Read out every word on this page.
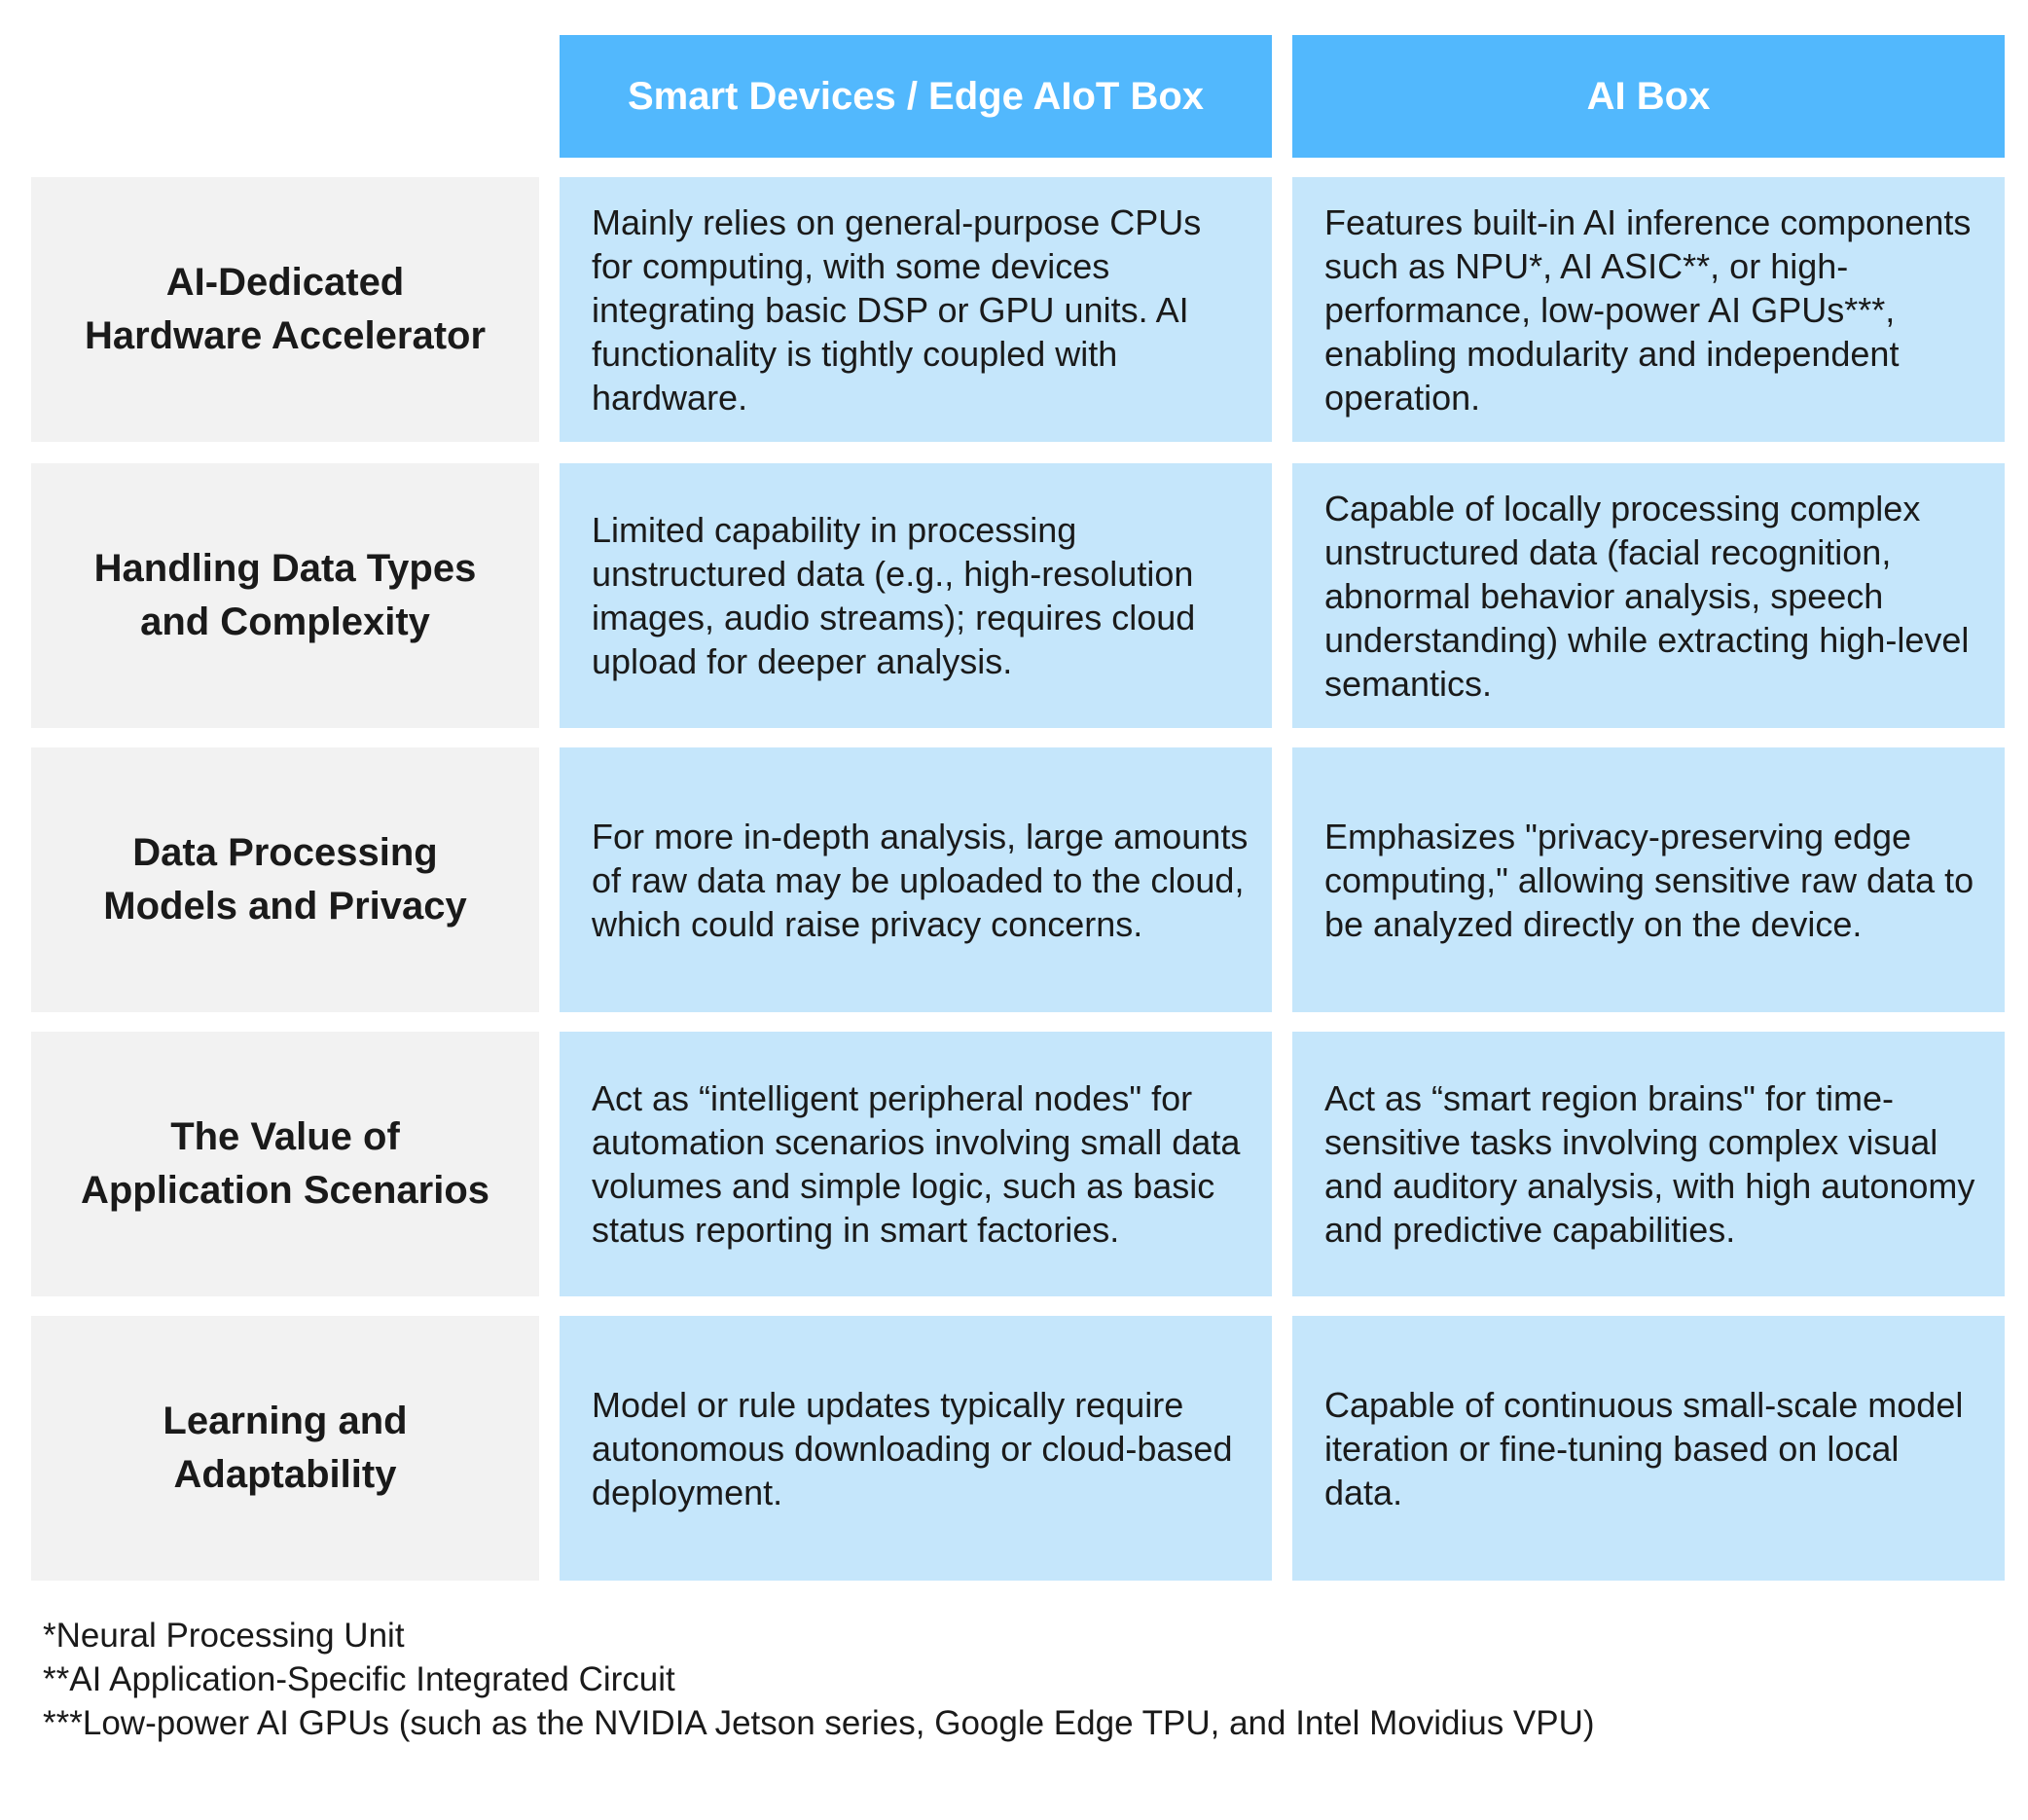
Smart Devices / Edge AIoT Box	AI Box
AI-Dedicated
Hardware Accelerator
Mainly relies on general-purpose CPUs for computing, with some devices integrating basic DSP or GPU units. AI functionality is tightly coupled with hardware.
Features built-in AI inference components such as NPU*, AI ASIC**, or high-performance, low-power AI GPUs***, enabling modularity and independent operation.
Handling Data Types
and Complexity
Limited capability in processing unstructured data (e.g., high-resolution images, audio streams); requires cloud upload for deeper analysis.
Capable of locally processing complex unstructured data (facial recognition, abnormal behavior analysis, speech understanding) while extracting high-level semantics.
Data Processing
Models and Privacy
For more in-depth analysis, large amounts of raw data may be uploaded to the cloud, which could raise privacy concerns.
Emphasizes "privacy-preserving edge computing," allowing sensitive raw data to be analyzed directly on the device.
The Value of
Application Scenarios
Act as “intelligent peripheral nodes" for automation scenarios involving small data volumes and simple logic, such as basic status reporting in smart factories.
Act as “smart region brains" for time-sensitive tasks involving complex visual and auditory analysis, with high autonomy and predictive capabilities.
Learning and
Adaptability
Model or rule updates typically require autonomous downloading or cloud-based deployment.
Capable of continuous small-scale model iteration or fine-tuning based on local data.
*Neural Processing Unit
**AI Application-Specific Integrated Circuit
***Low-power AI GPUs (such as the NVIDIA Jetson series, Google Edge TPU, and Intel Movidius VPU)
